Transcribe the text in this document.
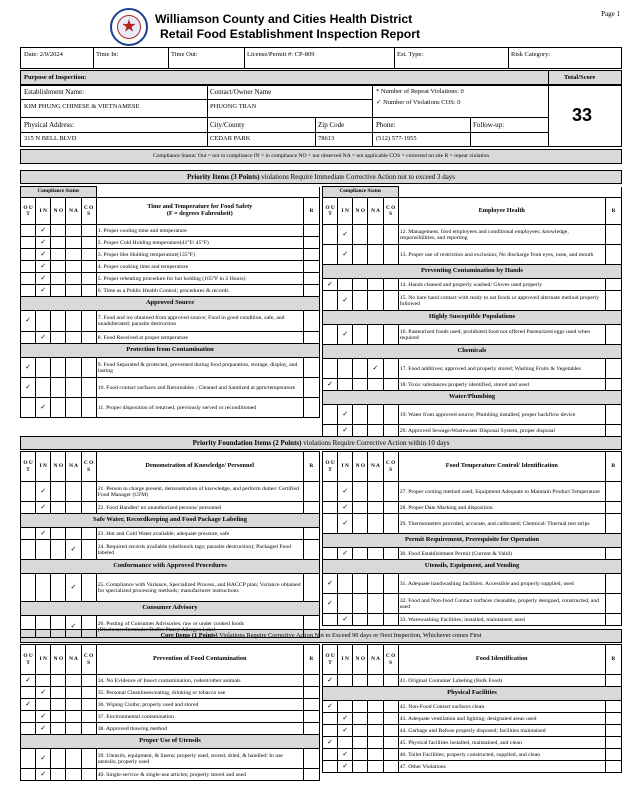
Williamson County and Cities Health District
Retail Food Establishment Inspection Report
Page 1
Date: 2/9/2024	Time In:	Time Out:	License/Permit #: CP-809	Est. Type:	Risk Category:
Purpose of Inspection:	Total/Score
Establishment Name:
KIM PHUNG CHINESE & VIETNAMESE
Contact/Owner Name
PHUONG TRAN
* Number of Repeat Violations: 0
✓ Number of Violations COS: 0
Physical Address:
315 N BELL BLVD
City/County
CEDAR PARK
Zip Code
78613
Phone:
(512) 577-1955
Follow-up:	33
Compliance Status: Out = not in compliance IN = in compliance NO = not observed NA = not applicable COS = corrected on site R = repeat violation
Priority Items (3 Points) violations Require Immediate Corrective Action not to exceed 3 days
Priority Foundation Items (2 Points) violations Require Corrective Action within 10 days
Core Items (1 Points) Violations Require Corrective Action Not to Exceed 90 days or Next Inspection, Whichever comes First
Compliance Status						
O U T	I N	N O	N A	C O S	Time and Temperature for Food Safety
(F = degrees Fahrenheit)	R
	✓				1. Proper cooling time and temperature	
	✓				2. Proper Cold Holding temperature(41°F/ 45°F)	
	✓				3. Proper Hot Holding temperature(135°F)	
	✓				4. Proper cooking time and temperature	
	✓				5. Proper reheating procedure for hot holding (165°F in 2 Hours)	
	✓				6. Time as a Public Health Control; procedures & records	
Approved Source						
✓					7. Food and ice obtained from approved source; Food in good condition, safe, and unadulterated; parasite destruction	
	✓				8. Food Received at proper temperature	
Protection from Contamination						
✓					9. Food Separated & protected, prevented during food preparation, storage, display, and tasting	
✓					10. Food contact surfaces and Returnables ; Cleaned and Sanitized at ppm/temperature	
	✓				11. Proper disposition of returned, previously served or reconditioned	
Compliance Status						
O U T	I N	N O	N A	C O S	Employee Health	R
	✓				12. Management, food employees and conditional employees; knowledge, responsibilities, and reporting	
	✓				13. Proper use of restriction and exclusion; No discharge from eyes, nose, and mouth	
Preventing Contamination by Hands						
✓					14. Hands cleaned and properly washed/ Gloves used properly	
	✓				15. No bare hand contact with ready to eat foods or approved alternate method properly followed	
Highly Susceptible Populations						
	✓				16. Pasteurized foods used; prohibited food not offered Pasteurized eggs used when required	
Chemicals						
			✓		17. Food additives; approved and properly stored; Washing Fruits & Vegetables	
✓					18. Toxic substances properly identified, stored and used	
Water/Plumbing						
	✓				19. Water from approved source; Plumbing installed; proper backflow device	
	✓				20. Approved Sewage/Wastewater Disposal System, proper disposal	
O U T	I N	N O	N A	C O S	Demonstration of Knowledge/ Personnel	R
	✓				21. Person in charge present, demonstration of knowledge, and perform duties/ Certified Food Manager (CFM)	
	✓				22. Food Handler/ no unauthorized persons/ personnel	
Safe Water, Recordkeeping and Food Package Labeling						
	✓				23. Hot and Cold Water available; adequate pressure, safe	
			✓		24. Required records available (shellstock tags; parasite destruction); Packaged Food labeled	
Conformance with Approved Procedures						
			✓		25. Compliance with Variance, Specialized Process, and HACCP plan; Variance obtained for specialized processing methods; manufacturer instructions	
Consumer Advisory						
			✓		26. Posting of Consumer Advisories; raw or under cooked foods (Disclosure/Reminder/Buffet Plate)/ Allergen Label	
O U T	I N	N O	N A	C O S	Food Temperature Control/ Identification	R
	✓				27. Proper cooling method used; Equipment Adequate to Maintain Product Temperature	
	✓				28. Proper Date Marking and disposition	
	✓				29. Thermometers provided, accurate, and calibrated; Chemical/ Thermal test strips	
Permit Requirement, Prerequisite for Operation						
	✓				30. Food Establishment Permit (Current & Valid)	
Utensils, Equipment, and Vending						
✓					31. Adequate handwashing facilities: Accessible and properly supplied, used	
✓					32. Food and Non-food Contact surfaces cleanable, properly designed, constructed, and used	
	✓				33. Warewashing Facilities; installed, maintained, used	
O U T	I N	N O	N A	C O S	Prevention of Food Contamination	R
✓					34. No Evidence of Insect contamination, rodent/other animals	
	✓				35. Personal Cleanliness/eating, drinking or tobacco use	
✓					36. Wiping Cloths; properly used and stored	
	✓				37. Environmental contamination	
	✓				38. Approved thawing method	
Proper Use of Utensils						
	✓				39. Utensils, equipment, & linens; properly used, stored, dried, & handled/ In use utensils; properly used	
	✓				40. Single-service & single-use articles; properly stored and used	
O U T	I N	N O	N A	C O S	Food Identification	R
✓					41. Original Container Labeling (Bulk Food)	
Physical Facilities						
✓					42. Non-Food Contact surfaces clean	
	✓				43. Adequate ventilation and lighting; designated areas used	
	✓				44. Garbage and Refuse properly disposed; facilities maintained	
✓					45. Physical facilities installed, maintained, and clean	
	✓				46. Toilet Facilities; properly constructed, supplied, and clean	
	✓				47. Other Violations	
